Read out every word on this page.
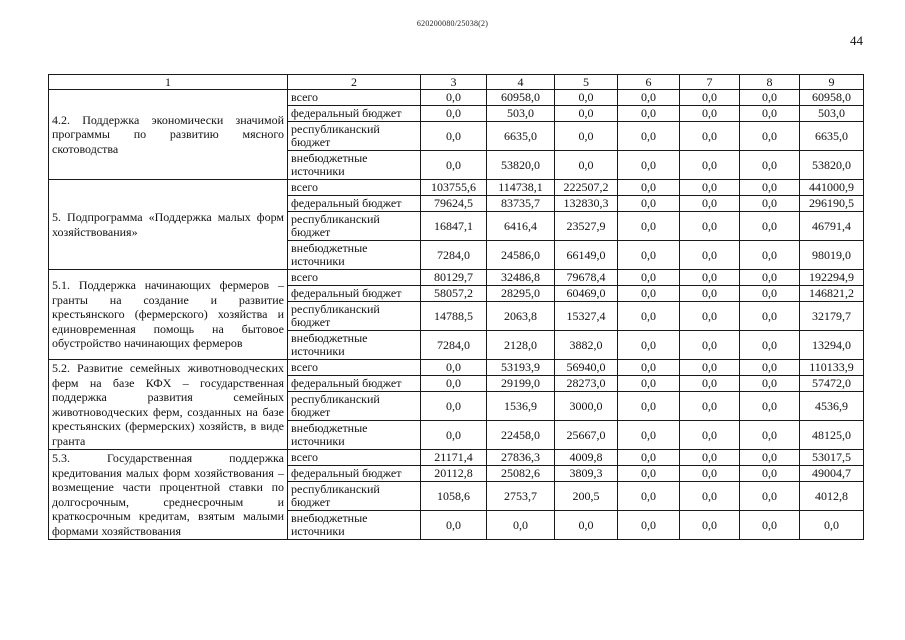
620200080/25038(2)
44
1	2	3	4	5	6	7	8	9
4.2. Поддержка экономически значимой программы по развитию мясного скотоводства	всего	0,0	60958,0	0,0	0,0	0,0	0,0	60958,0
	федеральный бюджет	0,0	503,0	0,0	0,0	0,0	0,0	503,0
	республиканский бюджет	0,0	6635,0	0,0	0,0	0,0	0,0	6635,0
	внебюджетные источники	0,0	53820,0	0,0	0,0	0,0	0,0	53820,0
5. Подпрограмма «Поддержка малых форм хозяйствования»	всего	103755,6	114738,1	222507,2	0,0	0,0	0,0	441000,9
	федеральный бюджет	79624,5	83735,7	132830,3	0,0	0,0	0,0	296190,5
	республиканский бюджет	16847,1	6416,4	23527,9	0,0	0,0	0,0	46791,4
	внебюджетные источники	7284,0	24586,0	66149,0	0,0	0,0	0,0	98019,0
5.1. Поддержка начинающих фермеров – гранты на создание и развитие крестьянского (фермерского) хозяйства и единовременная помощь на бытовое обустройство начинающих фермеров	всего	80129,7	32486,8	79678,4	0,0	0,0	0,0	192294,9
	федеральный бюджет	58057,2	28295,0	60469,0	0,0	0,0	0,0	146821,2
	республиканский бюджет	14788,5	2063,8	15327,4	0,0	0,0	0,0	32179,7
	внебюджетные источники	7284,0	2128,0	3882,0	0,0	0,0	0,0	13294,0
5.2. Развитие семейных животноводческих ферм на базе КФХ – государственная поддержка развития семейных животноводческих ферм, созданных на базе крестьянских (фермерских) хозяйств, в виде гранта	всего	0,0	53193,9	56940,0	0,0	0,0	0,0	110133,9
	федеральный бюджет	0,0	29199,0	28273,0	0,0	0,0	0,0	57472,0
	республиканский бюджет	0,0	1536,9	3000,0	0,0	0,0	0,0	4536,9
	внебюджетные источники	0,0	22458,0	25667,0	0,0	0,0	0,0	48125,0
5.3. Государственная поддержка кредитования малых форм хозяйствования – возмещение части процентной ставки по долгосрочным, среднесрочным и краткосрочным кредитам, взятым малыми формами хозяйствования	всего	21171,4	27836,3	4009,8	0,0	0,0	0,0	53017,5
	федеральный бюджет	20112,8	25082,6	3809,3	0,0	0,0	0,0	49004,7
	республиканский бюджет	1058,6	2753,7	200,5	0,0	0,0	0,0	4012,8
	внебюджетные источники	0,0	0,0	0,0	0,0	0,0	0,0	0,0
